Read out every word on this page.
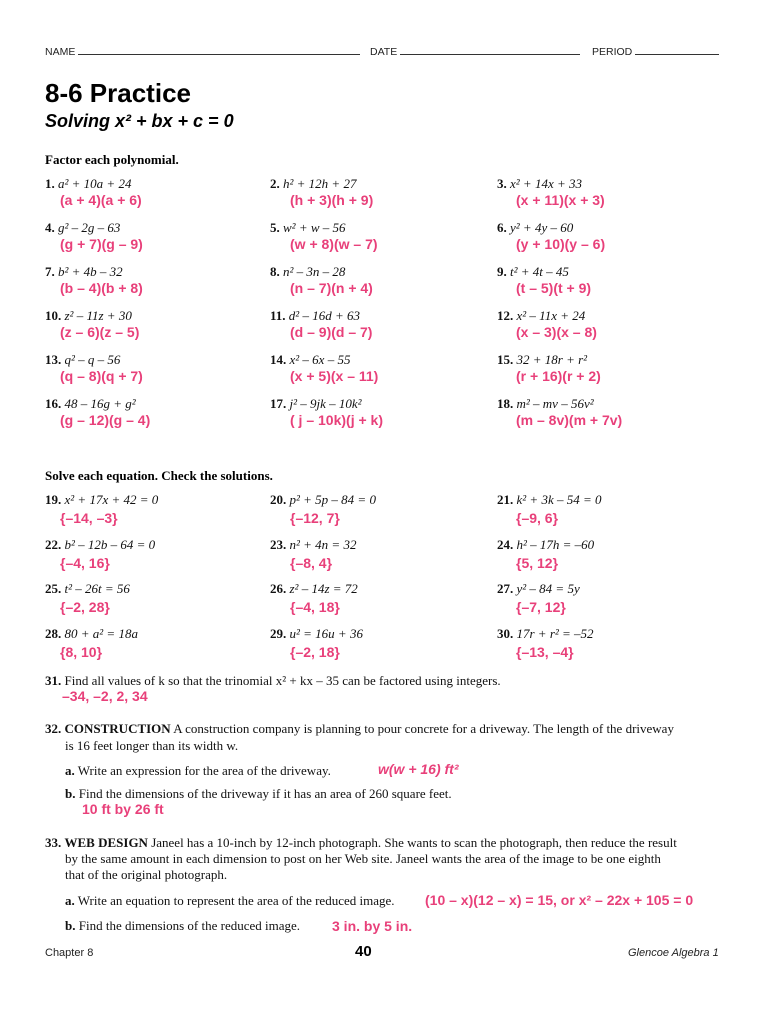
NAME	DATE	PERIOD
8-6 Practice
Solving x² + bx + c = 0
Factor each polynomial.
1. a² + 10a + 24
(a + 4)(a + 6)
2. h² + 12h + 27
(h + 3)(h + 9)
3. x² + 14x + 33
(x + 11)(x + 3)
4. g² – 2g – 63
(g + 7)(g – 9)
5. w² + w – 56
(w + 8)(w – 7)
6. y² + 4y – 60
(y + 10)(y – 6)
7. b² + 4b – 32
(b – 4)(b + 8)
8. n² – 3n – 28
(n – 7)(n + 4)
9. t² + 4t – 45
(t – 5)(t + 9)
10. z² – 11z + 30
(z – 6)(z – 5)
11. d² – 16d + 63
(d – 9)(d – 7)
12. x² – 11x + 24
(x – 3)(x – 8)
13. q² – q – 56
(q – 8)(q + 7)
14. x² – 6x – 55
(x + 5)(x – 11)
15. 32 + 18r + r²
(r + 16)(r + 2)
16. 48 – 16g + g²
(g – 12)(g – 4)
17. j² – 9jk – 10k²
( j – 10k)(j + k)
18. m² – mv – 56v²
(m – 8v)(m + 7v)
Solve each equation. Check the solutions.
19. x² + 17x + 42 = 0
{–14, –3}
20. p² + 5p – 84 = 0
{–12, 7}
21. k² + 3k – 54 = 0
{–9, 6}
22. b² – 12b – 64 = 0
{–4, 16}
23. n² + 4n = 32
{–8, 4}
24. h² – 17h = –60
{5, 12}
25. t² – 26t = 56
{–2, 28}
26. z² – 14z = 72
{–4, 18}
27. y² – 84 = 5y
{–7, 12}
28. 80 + a² = 18a
{8, 10}
29. u² = 16u + 36
{–2, 18}
30. 17r + r² = –52
{–13, –4}
31. Find all values of k so that the trinomial x² + kx – 35 can be factored using integers.
–34, –2, 2, 34
32. CONSTRUCTION A construction company is planning to pour concrete for a driveway. The length of the driveway
is 16 feet longer than its width w.
a. Write an expression for the area of the driveway.	w(w + 16) ft²
b. Find the dimensions of the driveway if it has an area of 260 square feet.
10 ft by 26 ft
33. WEB DESIGN Janeel has a 10-inch by 12-inch photograph. She wants to scan the photograph, then reduce the result
by the same amount in each dimension to post on her Web site. Janeel wants the area of the image to be one eighth
that of the original photograph.
a. Write an equation to represent the area of the reduced image. (10 – x)(12 – x) = 15, or x² – 22x + 105 = 0
b. Find the dimensions of the reduced image. 3 in. by 5 in.
Chapter 8	40	Glencoe Algebra 1
